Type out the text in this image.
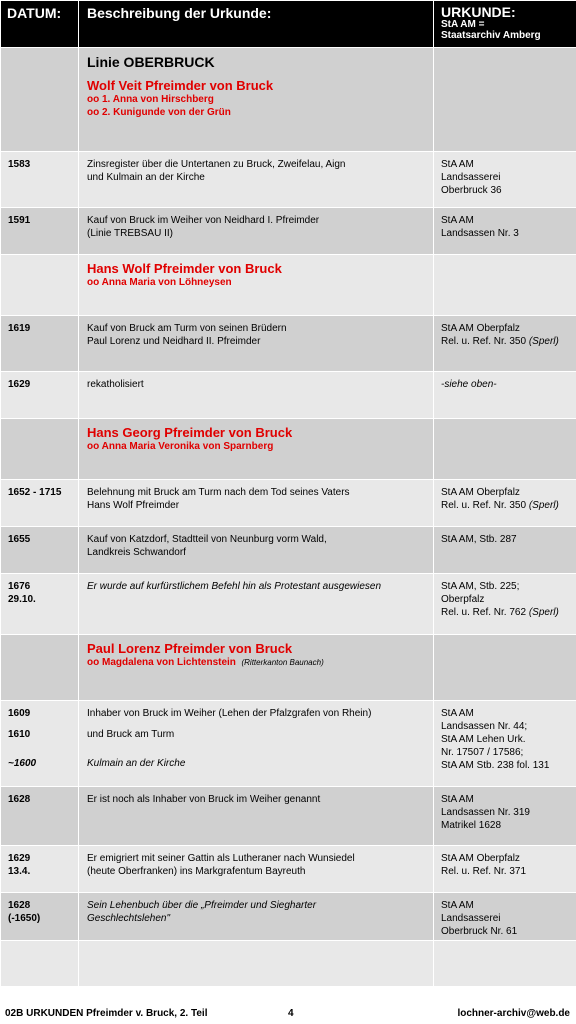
DATUM:	Beschreibung der Urkunde:	URKUNDE:
StA AM =
Staatsarchiv Amberg

	Linie OBERBRUCK
Wolf Veit Pfreimder von Bruck
oo 1. Anna von Hirschberg
oo 2. Kunigunde von der Grün	

1583	Zinsregister über die Untertanen zu Bruck, Zweifelau, Aign
und Kulmain an der Kirche	StA AM
Landsasserei
Oberbruck 36
1591	Kauf von Bruck im Weiher von Neidhard I. Pfreimder
(Linie TREBSAU II)	StA AM
Landsassen Nr. 3

	Hans Wolf Pfreimder von Bruck
oo Anna Maria von Löhneysen	

1619	Kauf von Bruck am Turm von seinen Brüdern
Paul Lorenz und Neidhard II. Pfreimder	StA AM Oberpfalz
Rel. u. Ref. Nr. 350 (Sperl)
1629	rekatholisiert	-siehe oben-

	Hans Georg Pfreimder von Bruck
oo Anna Maria Veronika von Sparnberg	

1652 - 1715	Belehnung mit Bruck am Turm nach dem Tod seines Vaters
Hans Wolf Pfreimder	StA AM Oberpfalz
Rel. u. Ref. Nr. 350 (Sperl)
1655	Kauf von Katzdorf, Stadtteil von Neunburg vorm Wald,
Landkreis Schwandorf	StA AM, Stb. 287
1676
29.10.	Er wurde auf kurfürstlichem Befehl hin als Protestant ausgewiesen	StA AM, Stb. 225;
Oberpfalz
Rel. u. Ref. Nr. 762 (Sperl)

	Paul Lorenz Pfreimder von Bruck
oo Magdalena von Lichtenstein (Ritterkanton Baunach)	

1609

1610

~1600	Inhaber von Bruck im Weiher (Lehen der Pfalzgrafen von Rhein)

und Bruck am Turm

Kulmain an der Kirche	StA AM
Landsassen Nr. 44;
StA AM Lehen Urk.
Nr. 17507 / 17586;
StA AM Stb. 238 fol. 131
1628	Er ist noch als Inhaber von Bruck im Weiher genannt	StA AM
Landsassen Nr. 319
Matrikel 1628
1629
13.4.	Er emigriert mit seiner Gattin als Lutheraner nach Wunsiedel
(heute Oberfranken) ins Markgrafentum Bayreuth	StA AM Oberpfalz
Rel. u. Ref. Nr. 371
1628
(-1650)	Sein Lehenbuch über die „Pfreimder und Siegharter
Geschlechtslehen"	StA AM
Landsasserei
Oberbruck Nr. 61

02B URKUNDEN Pfreimder v. Bruck, 2. Teil	4	lochner-archiv@web.de
